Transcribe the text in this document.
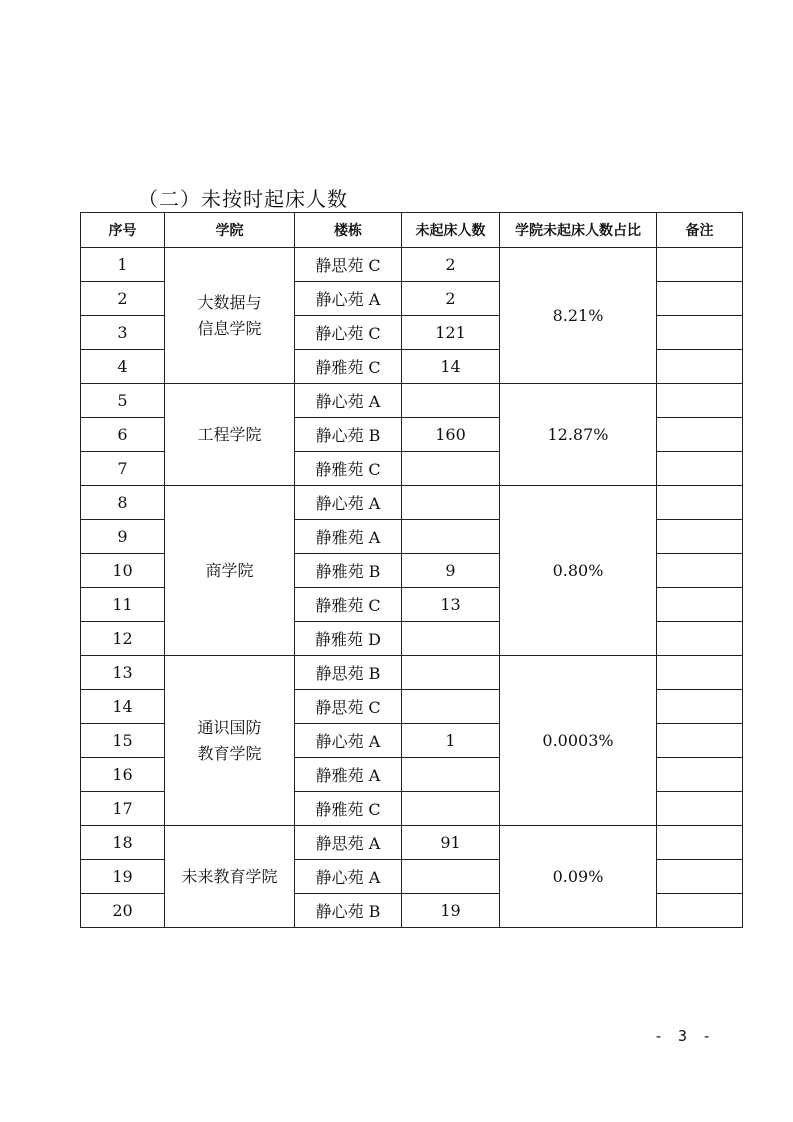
（二）未按时起床人数
序号	学院	楼栋	未起床人数	学院未起床人数占比	备注
1	大数据与
信息学院	静思苑 C	2	8.21%	
2		静心苑 A	2		
3		静心苑 C	121		
4		静雅苑 C	14		
5	工程学院	静心苑 A		12.87%	
6		静心苑 B	160		
7		静雅苑 C			
8	商学院	静心苑 A		0.80%	
9		静雅苑 A			
10		静雅苑 B	9		
11		静雅苑 C	13		
12		静雅苑 D			
13	通识国防
教育学院	静思苑 B		0.0003%	
14		静思苑 C			
15		静心苑 A	1		
16		静雅苑 A			
17		静雅苑 C			
18	未来教育学院	静思苑 A	91	0.09%	
19		静心苑 A			
20		静心苑 B	19		
- 3 -
